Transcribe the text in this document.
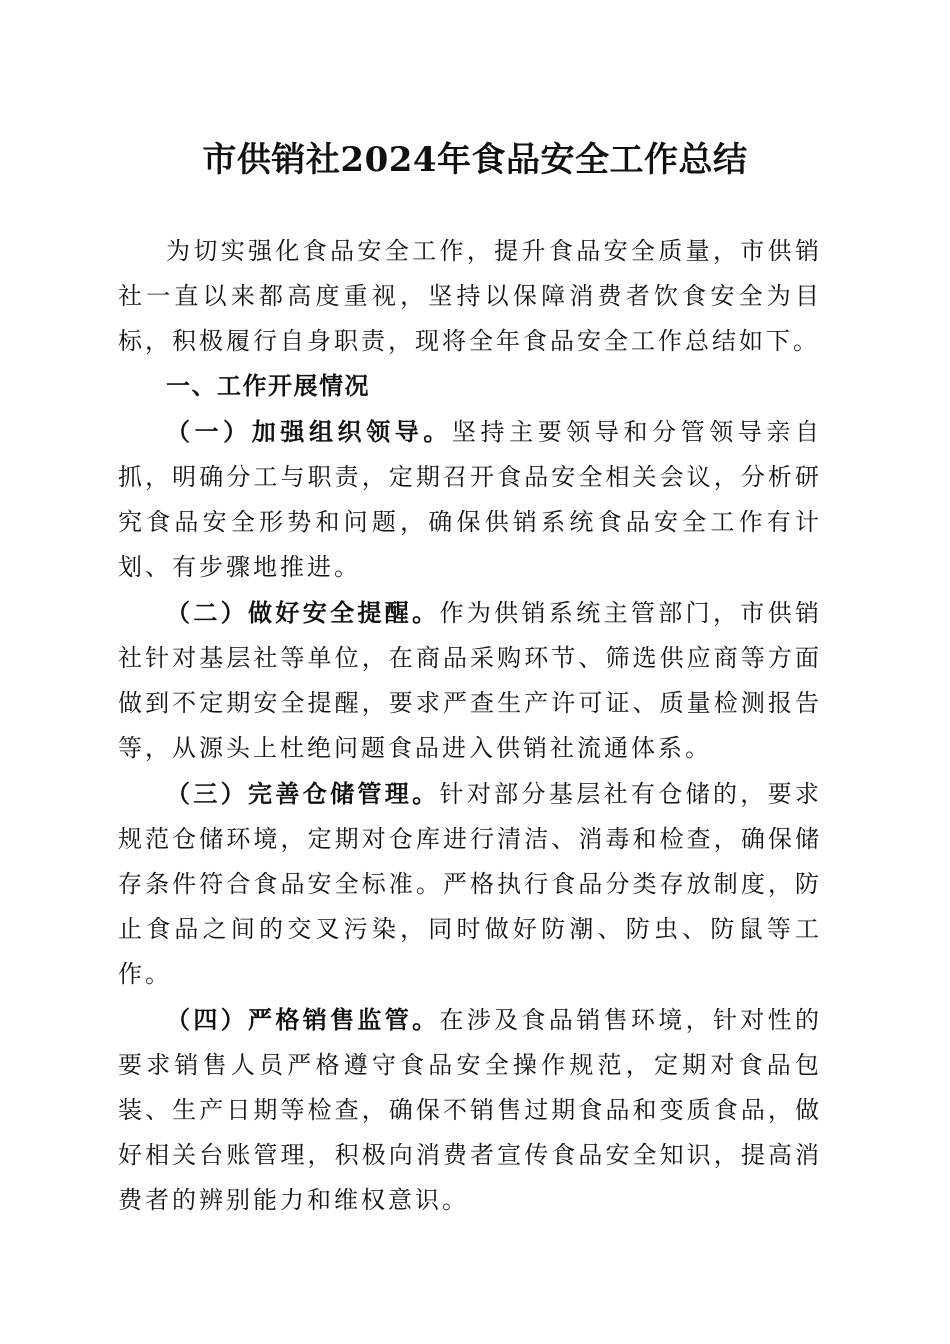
市供销社2024年食品安全工作总结

为切实强化食品安全工作，提升食品安全质量，市供销社一直以来都高度重视，坚持以保障消费者饮食安全为目标，积极履行自身职责，现将全年食品安全工作总结如下。

一、工作开展情况

（一）加强组织领导。坚持主要领导和分管领导亲自抓，明确分工与职责，定期召开食品安全相关会议，分析研究食品安全形势和问题，确保供销系统食品安全工作有计划、有步骤地推进。

（二）做好安全提醒。作为供销系统主管部门，市供销社针对基层社等单位，在商品采购环节、筛选供应商等方面做到不定期安全提醒，要求严查生产许可证、质量检测报告等，从源头上杜绝问题食品进入供销社流通体系。

（三）完善仓储管理。针对部分基层社有仓储的，要求规范仓储环境，定期对仓库进行清洁、消毒和检查，确保储存条件符合食品安全标准。严格执行食品分类存放制度，防止食品之间的交叉污染，同时做好防潮、防虫、防鼠等工作。

（四）严格销售监管。在涉及食品销售环境，针对性的要求销售人员严格遵守食品安全操作规范，定期对食品包装、生产日期等检查，确保不销售过期食品和变质食品，做好相关台账管理，积极向消费者宣传食品安全知识，提高消费者的辨别能力和维权意识。
